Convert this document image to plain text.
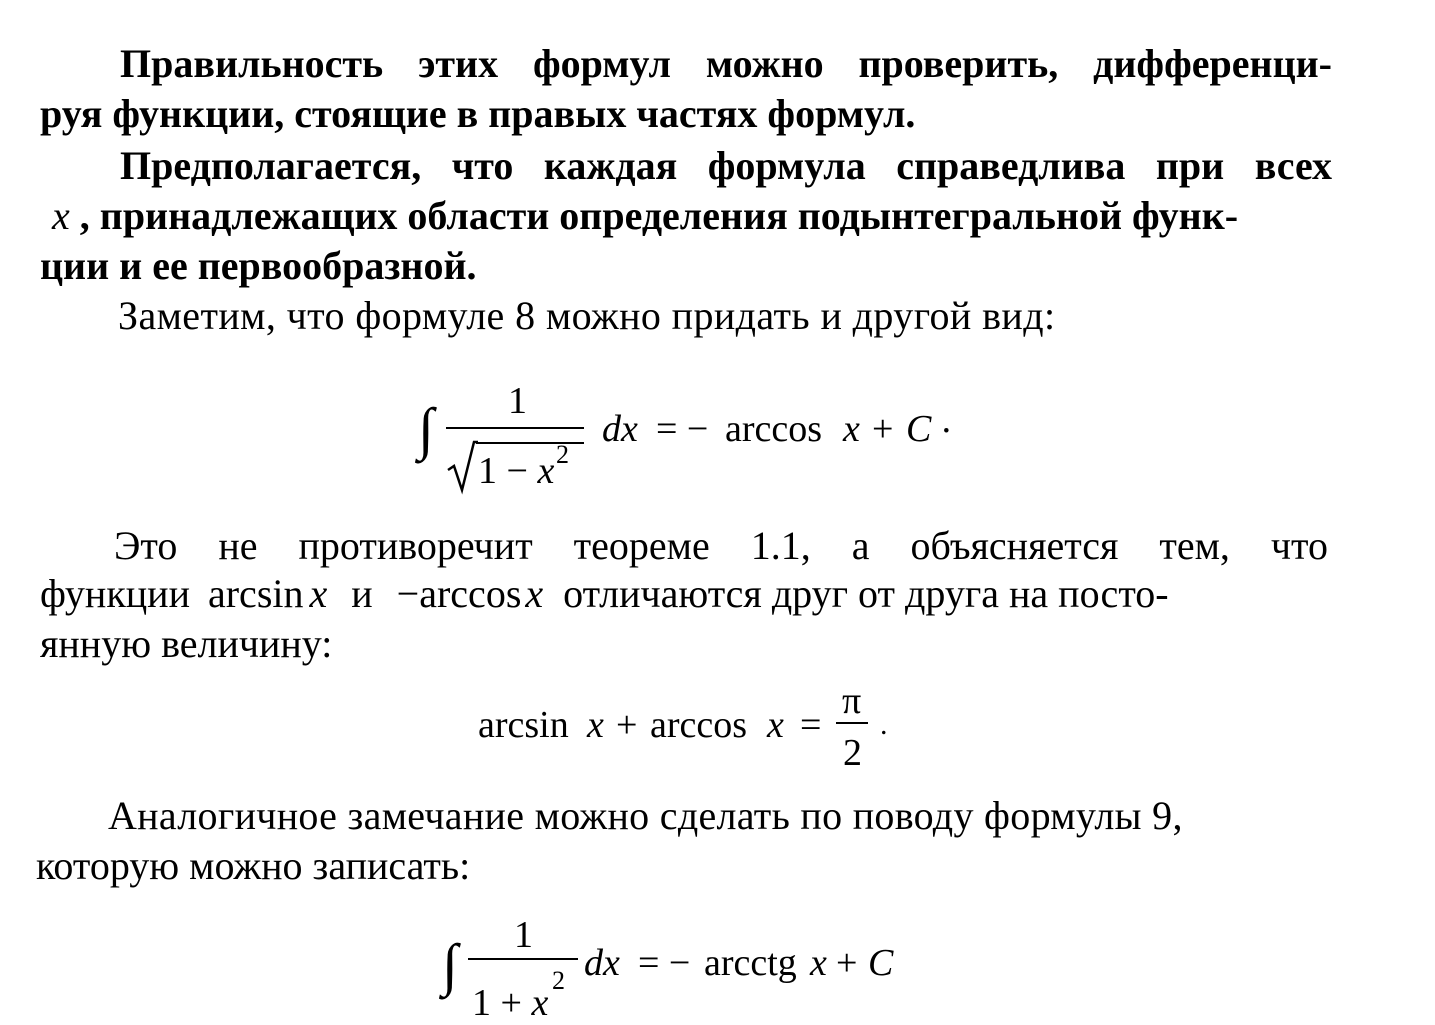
Правильность этих формул можно проверить, дифференци-
руя функции, стоящие в правых частях формул.
Предполагается, что каждая формула справедлива при всех
x , принадлежащих области определения подынтегральной функ-
ции и ее первообразной.
Заметим, что формуле 8 можно придать и другой вид:
∫ 1
1 − x 2
dx = − arccos x + C ·
Это не противоречит теореме 1.1, а объясняется тем, что
функции arcsin x и −arccos x отличаются друг от друга на посто-
янную величину:
arcsin x + arccos x =
π
2
.
Аналогичное замечание можно сделать по поводу формулы 9,
которую можно записать:
∫ 1
1 + x
2 dx = − arcctg x + C
